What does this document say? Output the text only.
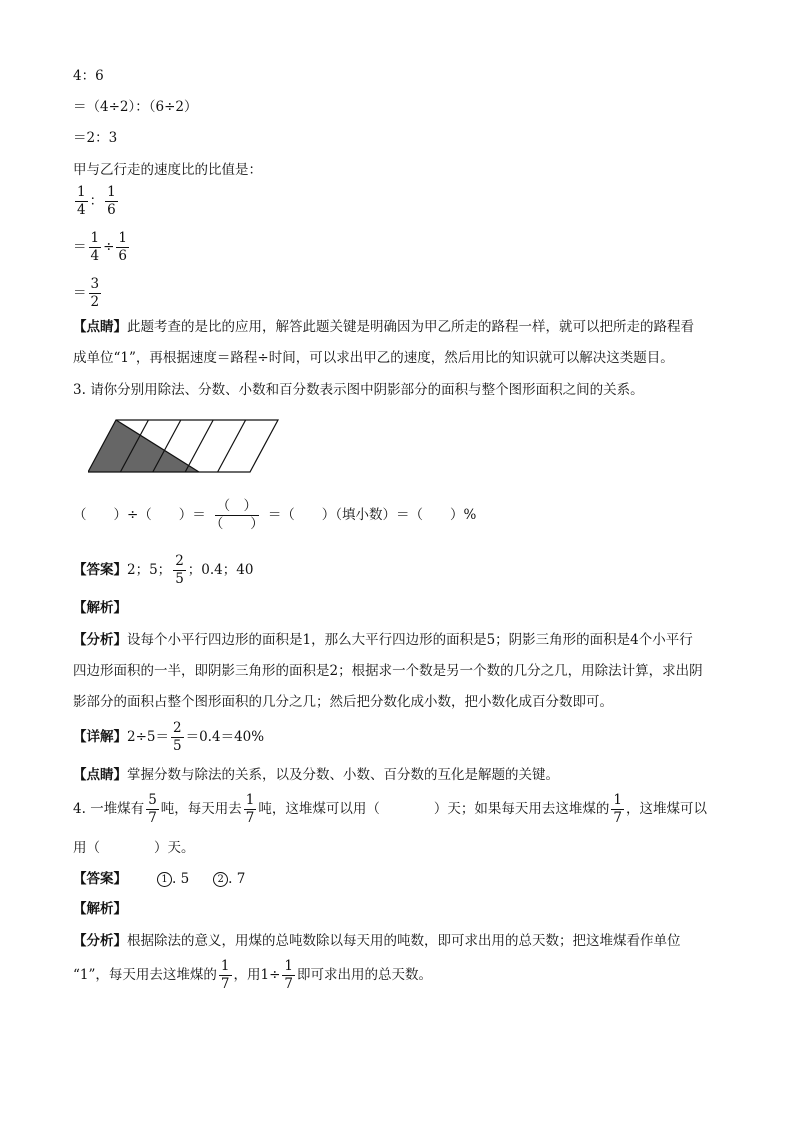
4：6
＝（4÷2）：（6÷2）
＝2：3
甲与乙行走的速度比的比值是：
$\frac{1}{4}$ ： $\frac{1}{6}$
＝ $\frac{1}{4} \div \frac{1}{6}$
＝ $\frac{3}{2}$
【点睛】此题考查的是比的应用，解答此题关键是明确因为甲乙所走的路程一样，就可以把所走的路程看
成单位“1”，再根据速度＝路程÷时间，可以求出甲乙的速度，然后用比的知识就可以解决这类题目。
3. 请你分别用除法、分数、小数和百分数表示图中阴影部分的面积与整个图形面积之间的关系。
（　　）÷（　　）＝ $\frac{( )}{( )}$ ＝（　　）（填小数）＝（　　）%
【答案】2；5； $\frac{2}{5}$ ；0.4；40
【解析】
【分析】设每个小平行四边形的面积是1，那么大平行四边形的面积是5；阴影三角形的面积是4个小平行
四边形面积的一半，即阴影三角形的面积是2；根据求一个数是另一个数的几分之几，用除法计算，求出阴
影部分的面积占整个图形面积的几分之几；然后把分数化成小数，把小数化成百分数即可。
【详解】$2\div 5= \frac{2}{5} =0.4=40\%$
【点睛】掌握分数与除法的关系，以及分数、小数、百分数的互化是解题的关键。
4. 一堆煤有 $\frac{5}{7}$ 吨，每天用去 $\frac{1}{7}$ 吨，这堆煤可以用（　　　　）天；如果每天用去这堆煤的 $\frac{1}{7}$ ，这堆煤可以
用（　　　　）天。
【答案】	1 . 5	2 . 7
【解析】
【分析】根据除法的意义，用煤的总吨数除以每天用的吨数，即可求出用的总天数；把这堆煤看作单位
“1”，每天用去这堆煤的 $\frac{1}{7}$ ，用$1\div \frac{1}{7}$ 即可求出用的总天数。
